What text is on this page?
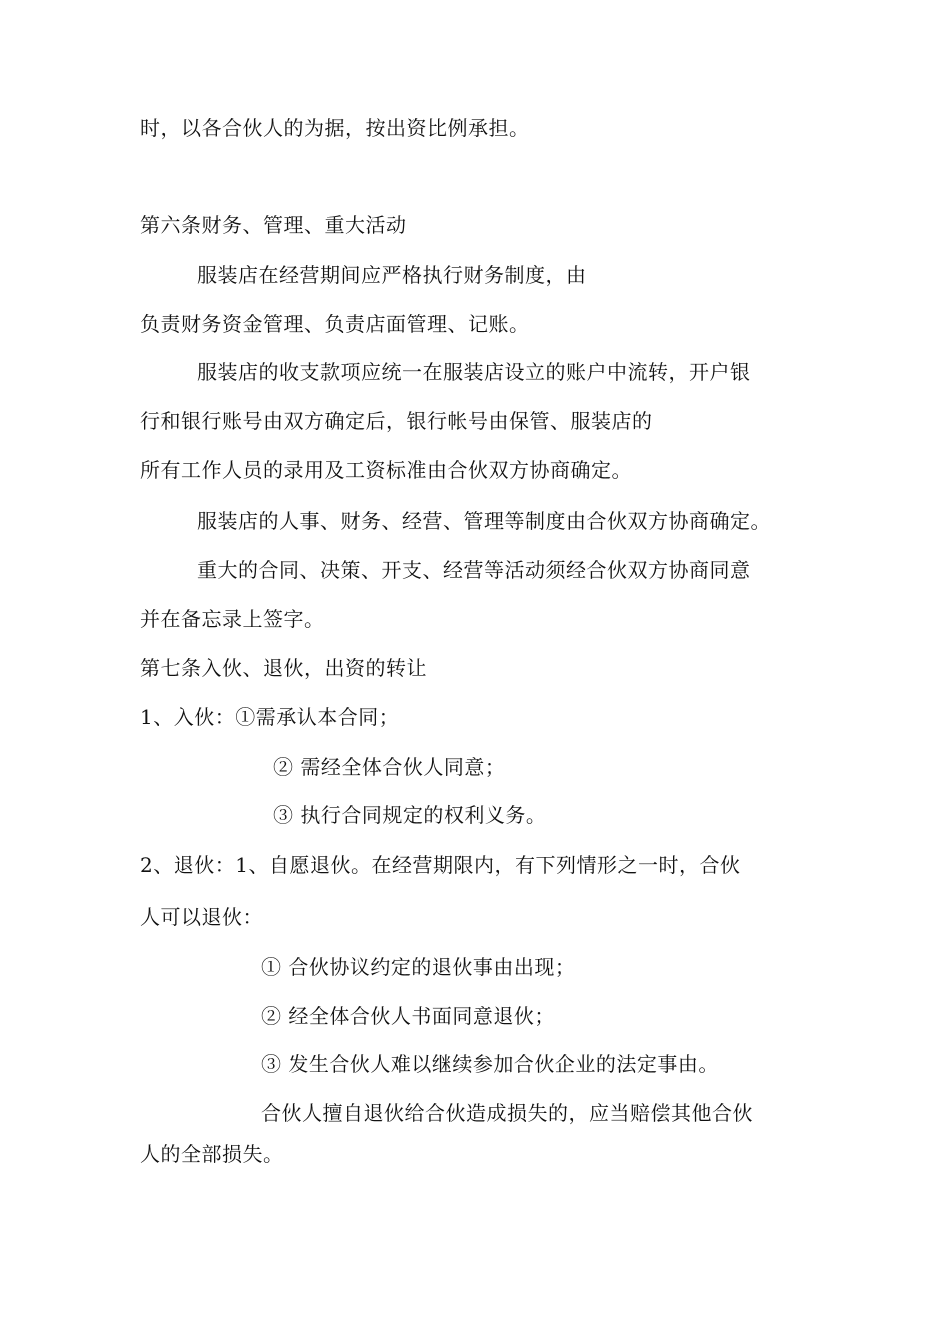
时，以各合伙人的为据，按出资比例承担。
第六条财务、管理、重大活动
服装店在经营期间应严格执行财务制度，由
负责财务资金管理、负责店面管理、记账。
服装店的收支款项应统一在服装店设立的账户中流转，开户银
行和银行账号由双方确定后，银行帐号由保管、服装店的
所有工作人员的录用及工资标准由合伙双方协商确定。
服装店的人事、财务、经营、管理等制度由合伙双方协商确定。
重大的合同、决策、开支、经营等活动须经合伙双方协商同意
并在备忘录上签字。
第七条入伙、退伙，出资的转让
1、入伙：①需承认本合同；
② 需经全体合伙人同意；
③ 执行合同规定的权利义务。
2、退伙：1、自愿退伙。在经营期限内，有下列情形之一时，合伙
人可以退伙：
① 合伙协议约定的退伙事由出现；
② 经全体合伙人书面同意退伙；
③ 发生合伙人难以继续参加合伙企业的法定事由。
合伙人擅自退伙给合伙造成损失的，应当赔偿其他合伙
人的全部损失。
